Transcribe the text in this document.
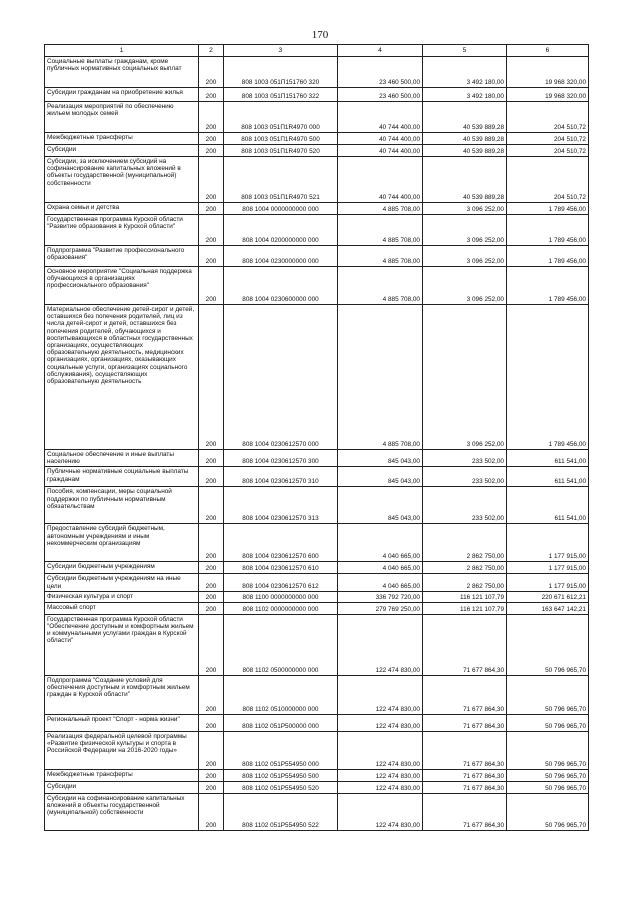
170
1	2	3	4	5	6
Социальные выплаты гражданам, кроме публичных нормативных социальных выплат	200	808 1003 051П151760 320	23 460 500,00	3 492 180,00	19 968 320,00
Субсидии гражданам на приобретение жилья	200	808 1003 051П151760 322	23 460 500,00	3 492 180,00	19 968 320,00
Реализация мероприятий по обеспечению жильем молодых семей	200	808 1003 051П1R4970 000	40 744 400,00	40 539 889,28	204 510,72
Межбюджетные трансферты	200	808 1003 051П1R4970 500	40 744 400,00	40 539 889,28	204 510,72
Субсидии	200	808 1003 051П1R4970 520	40 744 400,00	40 539 889,28	204 510,72
Субсидии, за исключением субсидий на софинансирование капитальных вложений в объекты государственной (муниципальной) собственности	200	808 1003 051П1R4970 521	40 744 400,00	40 539 889,28	204 510,72
Охрана семьи и детства	200	808 1004 0000000000 000	4 885 708,00	3 096 252,00	1 789 456,00
Государственная программа Курской области "Развитие образования в Курской области"	200	808 1004 0200000000 000	4 885 708,00	3 096 252,00	1 789 456,00
Подпрограмма "Развитие профессионального образования"	200	808 1004 0230000000 000	4 885 708,00	3 096 252,00	1 789 456,00
Основное мероприятие "Социальная поддержка обучающихся в организациях профессионального образования"	200	808 1004 0230600000 000	4 885 708,00	3 096 252,00	1 789 456,00
Материальное обеспечение детей-сирот и детей, оставшихся без попечения родителей, лиц из числа детей-сирот и детей, оставшихся без попечения родителей, обучающихся и воспитывающихся в областных государственных организациях, осуществляющих образовательную деятельность, медицинских организациях, организациях, оказывающих социальные услуги, организациях социального обслуживания), осуществляющих образовательную деятельность	200	808 1004 0230612570 000	4 885 708,00	3 096 252,00	1 789 456,00
Социальное обеспечение и иные выплаты населению	200	808 1004 0230612570 300	845 043,00	233 502,00	611 541,00
Публичные нормативные социальные выплаты гражданам	200	808 1004 0230612570 310	845 043,00	233 502,00	611 541,00
Пособия, компенсации, меры социальной поддержки по публичным нормативным обязательствам	200	808 1004 0230612570 313	845 043,00	233 502,00	611 541,00
Предоставление субсидий бюджетным, автономным учреждениям и иным некоммерческим организациям	200	808 1004 0230612570 600	4 040 665,00	2 862 750,00	1 177 915,00
Субсидии бюджетным учреждениям	200	808 1004 0230612570 610	4 040 665,00	2 862 750,00	1 177 915,00
Субсидии бюджетным учреждениям на иные цели	200	808 1004 0230612570 612	4 040 665,00	2 862 750,00	1 177 915,00
Физическая культура и спорт	200	808 1100 0000000000 000	336 792 720,00	116 121 107,79	220 671 612,21
Массовый спорт	200	808 1102 0000000000 000	279 769 250,00	116 121 107,79	163 647 142,21
Государственная программа Курской области "Обеспечение доступным и комфортным жильем и коммунальными услугами граждан в Курской области"	200	808 1102 0500000000 000	122 474 830,00	71 677 864,30	50 796 965,70
Подпрограмма "Создание условий для обеспечения доступным и комфортным жильем граждан в Курской области"	200	808 1102 0510000000 000	122 474 830,00	71 677 864,30	50 796 965,70
Региональный проект "Спорт - норма жизни"	200	808 1102 051P500000 000	122 474 830,00	71 677 864,30	50 796 965,70
Реализация федеральной целевой программы «Развитие физической культуры и спорта в Российской Федерации на 2016-2020 годы»	200	808 1102 051P554950 000	122 474 830,00	71 677 864,30	50 796 965,70
Межбюджетные трансферты	200	808 1102 051P554950 500	122 474 830,00	71 677 864,30	50 796 965,70
Субсидии	200	808 1102 051P554950 520	122 474 830,00	71 677 864,30	50 796 965,70
Субсидии на софинансирование капитальных вложений в объекты государственной (муниципальной) собственности	200	808 1102 051P554950 522	122 474 830,00	71 677 864,30	50 796 965,70
